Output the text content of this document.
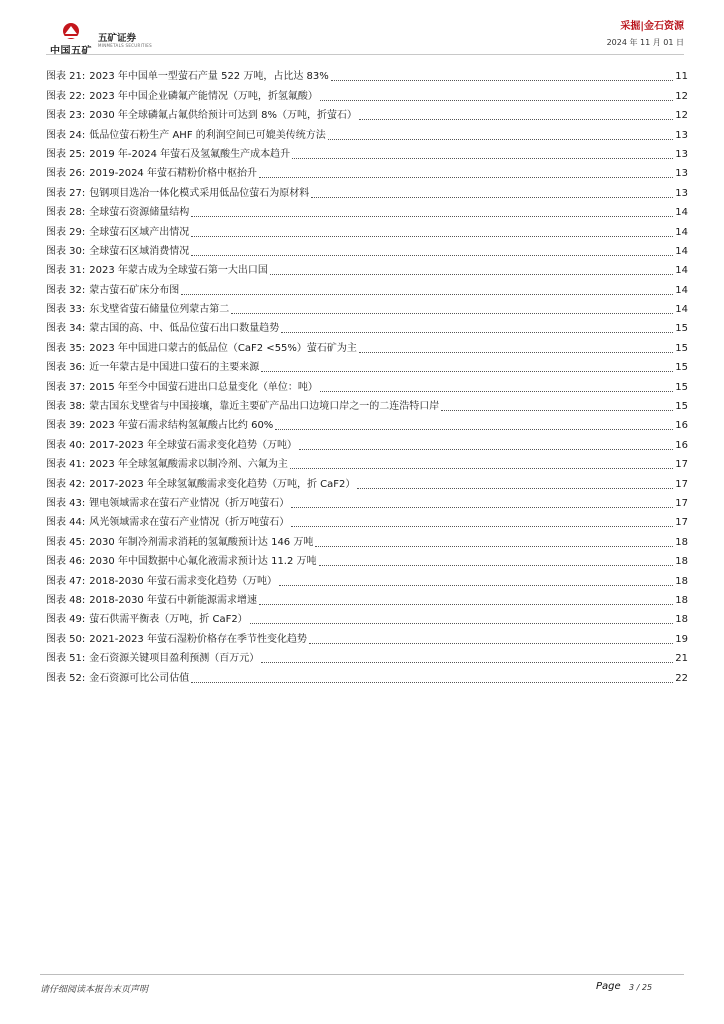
中国五矿
五矿证券
MINMETALS SECURITIES
采掘|金石资源
2024 年 11 月 01 日
图表 21: 2023 年中国单一型萤石产量 522 万吨，占比达 83%	11
图表 22: 2023 年中国企业磷氟产能情况（万吨，折氢氟酸）	12
图表 23: 2030 年全球磷氟占氟供给预计可达到 8%（万吨，折萤石）	12
图表 24: 低品位萤石粉生产 AHF 的利润空间已可媲美传统方法	13
图表 25: 2019 年-2024 年萤石及氢氟酸生产成本趋升	13
图表 26: 2019-2024 年萤石精粉价格中枢抬升	13
图表 27: 包钢项目选冶一体化模式采用低品位萤石为原材料	13
图表 28: 全球萤石资源储量结构	14
图表 29: 全球萤石区域产出情况	14
图表 30: 全球萤石区域消费情况	14
图表 31: 2023 年蒙古成为全球萤石第一大出口国	14
图表 32: 蒙古萤石矿床分布图	14
图表 33: 东戈壁省萤石储量位列蒙古第二	14
图表 34: 蒙古国的高、中、低品位萤石出口数量趋势	15
图表 35: 2023 年中国进口蒙古的低品位（CaF2 <55%）萤石矿为主	15
图表 36: 近一年蒙古是中国进口萤石的主要来源	15
图表 37: 2015 年至今中国萤石进出口总量变化（单位：吨）	15
图表 38: 蒙古国东戈壁省与中国接壤，靠近主要矿产品出口边境口岸之一的二连浩特口岸	15
图表 39: 2023 年萤石需求结构氢氟酸占比约 60%	16
图表 40: 2017-2023 年全球萤石需求变化趋势（万吨）	16
图表 41: 2023 年全球氢氟酸需求以制冷剂、六氟为主	17
图表 42: 2017-2023 年全球氢氟酸需求变化趋势（万吨，折 CaF2）	17
图表 43: 锂电领域需求在萤石产业情况（折万吨萤石）	17
图表 44: 风光领域需求在萤石产业情况（折万吨萤石）	17
图表 45: 2030 年制冷剂需求消耗的氢氟酸预计达 146 万吨	18
图表 46: 2030 年中国数据中心氟化液需求预计达 11.2 万吨	18
图表 47: 2018-2030 年萤石需求变化趋势（万吨）	18
图表 48: 2018-2030 年萤石中新能源需求增速	18
图表 49: 萤石供需平衡表（万吨，折 CaF2）	18
图表 50: 2021-2023 年萤石湿粉价格存在季节性变化趋势	19
图表 51: 金石资源关键项目盈利预测（百万元）	21
图表 52: 金石资源可比公司估值	22
请仔细阅读本报告末页声明	Page 3 / 25
